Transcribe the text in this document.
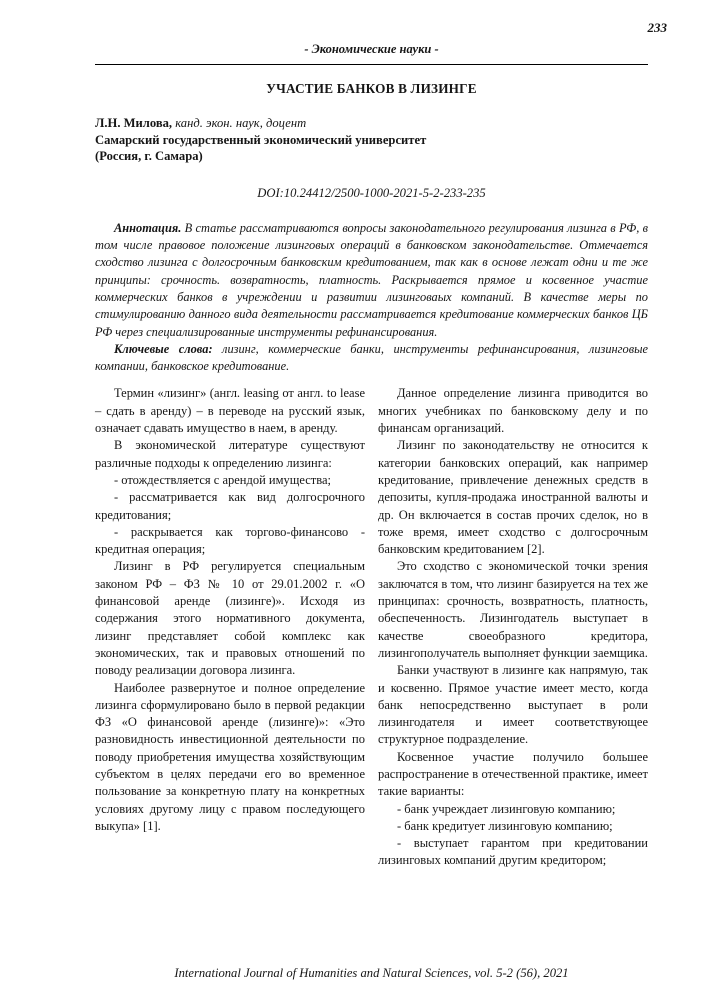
233
- Экономические науки -
УЧАСТИЕ БАНКОВ В ЛИЗИНГЕ
Л.Н. Милова, канд. экон. наук, доцент
Самарский государственный экономический университет
(Россия, г. Самара)
DOI:10.24412/2500-1000-2021-5-2-233-235

Аннотация. В статье рассматриваются вопросы законодательного регулирования лизинга в РФ, в том числе правовое положение лизинговых операций в банковском законодательстве. Отмечается сходство лизинга с долгосрочным банковским кредитованием, так как в основе лежат одни и те же принципы: срочность. возвратность, платность. Раскрывается прямое и косвенное участие коммерческих банков в учреждении и развитии лизинговаых компаний. В качестве меры по стимулированию данного вида деятельности рассматривается кредитование коммерческих банков ЦБ РФ через специализированные инструменты рефинансирования.

Ключевые слова: лизинг, коммерческие банки, инструменты рефинансирования, лизинговые компании, банковское кредитование.

Термин «лизинг» (англ. leasing от англ. to lease – сдать в аренду) – в переводе на русский язык, означает сдавать имущество в наем, в аренду.

В экономической литературе существуют различные подходы к определению лизинга:

- отождествляется с арендой имущества;

- рассматривается как вид долгосрочного кредитования;

- раскрывается как торгово-финансово - кредитная операция;

Лизинг в РФ регулируется специальным законом РФ – ФЗ № 10 от 29.01.2002 г. «О финансовой аренде (лизинге)». Исходя из содержания этого нормативного документа, лизинг представляет собой комплекс как экономических, так и правовых отношений по поводу реализации договора лизинга.

Наиболее развернутое и полное определение лизинга сформулировано было в первой редакции ФЗ «О финансовой аренде (лизинге)»: «Это разновидность инвестиционной деятельности по поводу приобретения имущества хозяйствующим субъектом в целях передачи его во временное пользование за конкретную плату на конкретных условиях другому лицу с правом последующего выкупа» [1].

Данное определение лизинга приводится во многих учебниках по банковскому делу и по финансам организаций.

Лизинг по законодательству не относится к категории банковских операций, как например кредитование, привлечение денежных средств в депозиты, купля-продажа иностранной валюты и др. Он включается в состав прочих сделок, но в тоже время, имеет сходство с долгосрочным банковским кредитованием [2].

Это сходство с экономической точки зрения заключатся в том, что лизинг базируется на тех же принципах: срочность, возвратность, платность, обеспеченность. Лизингодатель выступает в качестве своеобразного кредитора, лизингополучатель выполняет функции заемщика.

Банки участвуют в лизинге как напрямую, так и косвенно. Прямое участие имеет место, когда банк непосредственно выступает в роли лизингодателя и имеет соответствующее структурное подразделение.

Косвенное участие получило большее распространение в отечественной практике, имеет такие варианты:

- банк учреждает лизинговую компанию;

- банк кредитует лизинговую компанию;

- выступает гарантом при кредитовании лизинговых компаний другим кредитором;

International Journal of Humanities and Natural Sciences, vol. 5-2 (56), 2021
